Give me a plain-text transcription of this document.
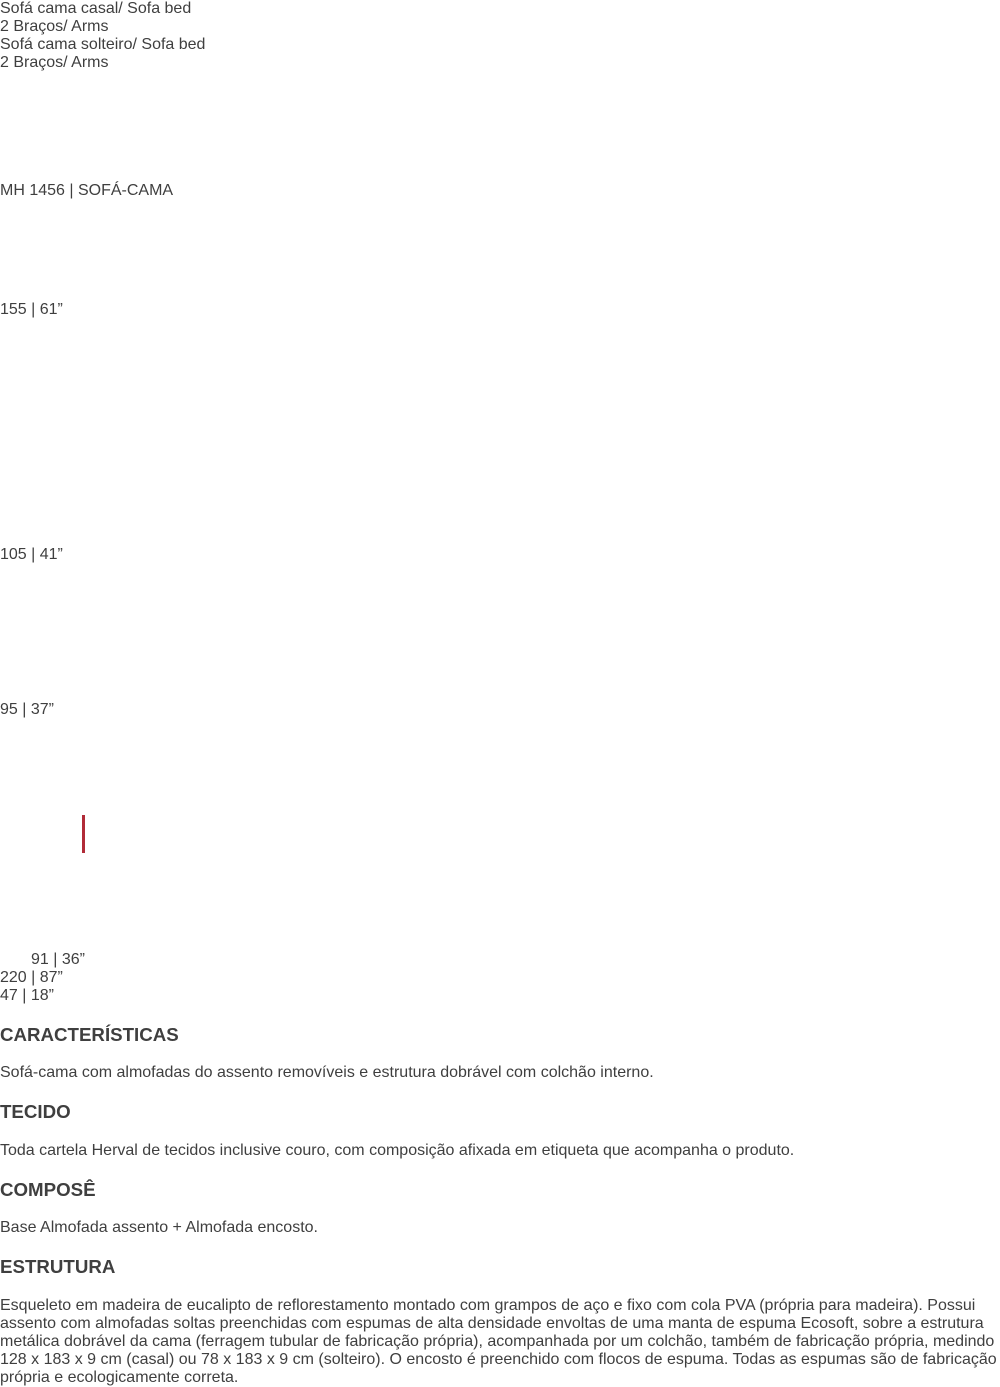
MH 1456 | SOFÁ-CAMA
Sofá cama casal/ Sofa bed
2 Braços/ Arms
Sofá cama solteiro/ Sofa bed
2 Braços/ Arms
155 | 61”
105 | 41”
95 | 37”
91 | 36”
220 | 87”
47 | 18”
CARACTERÍSTICAS

Sofá-cama com almofadas do assento removíveis e estrutura dobrável com colchão interno.

TECIDO

Toda cartela Herval de tecidos inclusive couro, com composição afixada em etiqueta que acompanha o produto.

COMPOSÊ

Base Almofada assento + Almofada encosto.

ESTRUTURA

Esqueleto em madeira de eucalipto de reflorestamento montado com grampos de aço e fixo com cola PVA (própria para madeira). Possui assento com almofadas soltas preenchidas com espumas de alta densidade envoltas de uma manta de espuma Ecosoft, sobre a estrutura metálica dobrável da cama (ferragem tubular de fabricação própria), acompanhada por um colchão, também de fabricação própria, medindo 128 x 183 x 9 cm (casal) ou 78 x 183 x 9 cm (solteiro). O encosto é preenchido com flocos de espuma. Todas as espumas são de fabricação própria e ecologicamente correta.
